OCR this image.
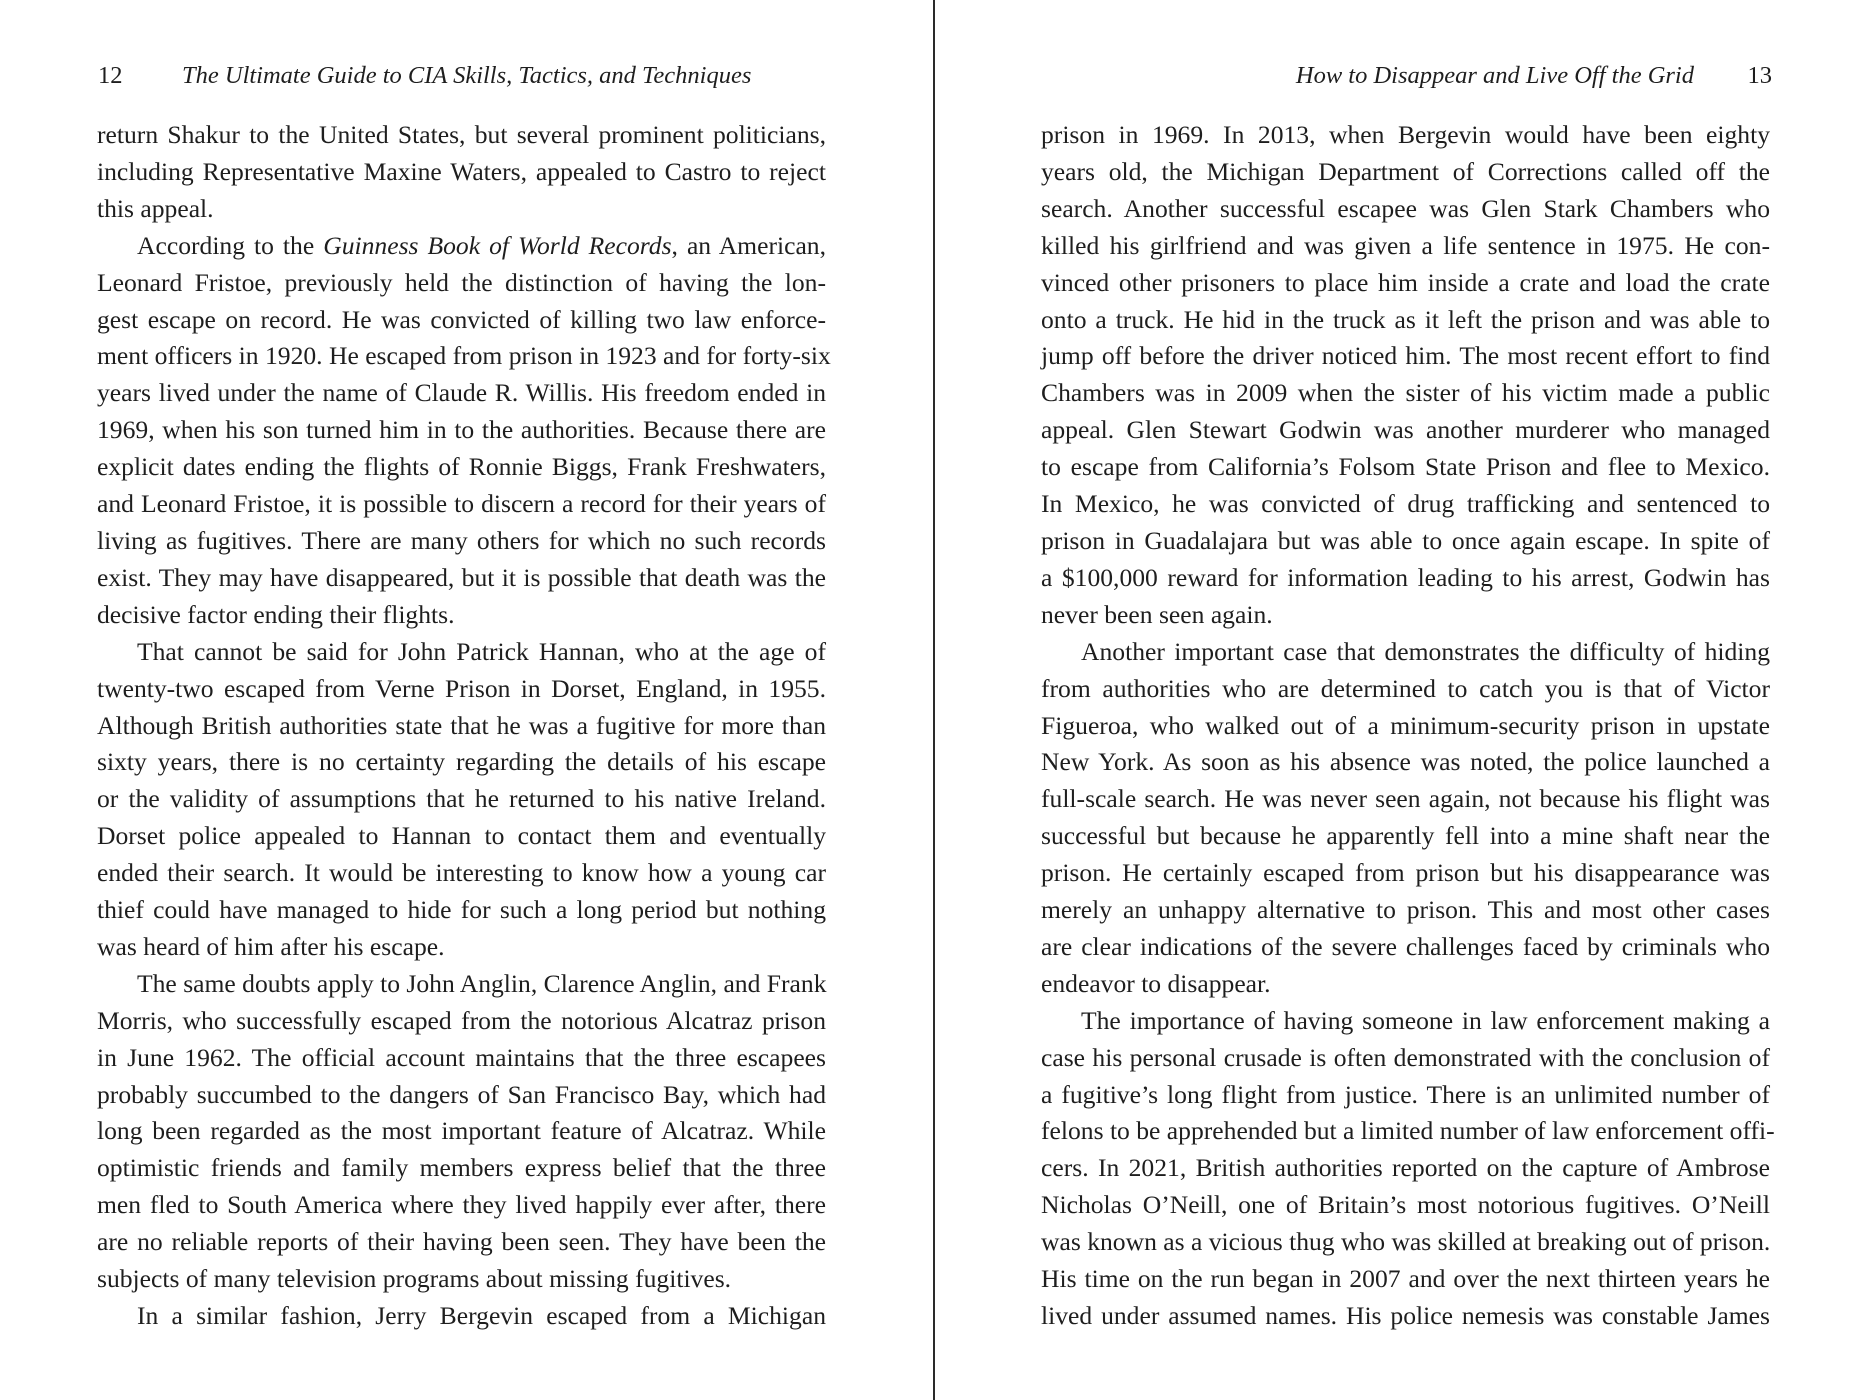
12 The Ultimate Guide to CIA Skills, Tactics, and Techniques

return Shakur to the United States, but several prominent politicians,
including Representative Maxine Waters, appealed to Castro to reject
this appeal.

According to the Guinness Book of World Records, an American,
Leonard Fristoe, previously held the distinction of having the lon-
gest escape on record. He was convicted of killing two law enforce-
ment officers in 1920. He escaped from prison in 1923 and for forty-six
years lived under the name of Claude R. Willis. His freedom ended in
1969, when his son turned him in to the authorities. Because there are
explicit dates ending the flights of Ronnie Biggs, Frank Freshwaters,
and Leonard Fristoe, it is possible to discern a record for their years of
living as fugitives. There are many others for which no such records
exist. They may have disappeared, but it is possible that death was the
decisive factor ending their flights.

That cannot be said for John Patrick Hannan, who at the age of
twenty-two escaped from Verne Prison in Dorset, England, in 1955.
Although British authorities state that he was a fugitive for more than
sixty years, there is no certainty regarding the details of his escape
or the validity of assumptions that he returned to his native Ireland.
Dorset police appealed to Hannan to contact them and eventually
ended their search. It would be interesting to know how a young car
thief could have managed to hide for such a long period but nothing
was heard of him after his escape.

The same doubts apply to John Anglin, Clarence Anglin, and Frank
Morris, who successfully escaped from the notorious Alcatraz prison
in June 1962. The official account maintains that the three escapees
probably succumbed to the dangers of San Francisco Bay, which had
long been regarded as the most important feature of Alcatraz. While
optimistic friends and family members express belief that the three
men fled to South America where they lived happily ever after, there
are no reliable reports of their having been seen. They have been the
subjects of many television programs about missing fugitives.

In a similar fashion, Jerry Bergevin escaped from a Michigan

How to Disappear and Live Off the Grid 13

prison in 1969. In 2013, when Bergevin would have been eighty
years old, the Michigan Department of Corrections called off the
search. Another successful escapee was Glen Stark Chambers who
killed his girlfriend and was given a life sentence in 1975. He con-
vinced other prisoners to place him inside a crate and load the crate
onto a truck. He hid in the truck as it left the prison and was able to
jump off before the driver noticed him. The most recent effort to find
Chambers was in 2009 when the sister of his victim made a public
appeal. Glen Stewart Godwin was another murderer who managed
to escape from California’s Folsom State Prison and flee to Mexico.
In Mexico, he was convicted of drug trafficking and sentenced to
prison in Guadalajara but was able to once again escape. In spite of
a $100,000 reward for information leading to his arrest, Godwin has
never been seen again.

Another important case that demonstrates the difficulty of hiding
from authorities who are determined to catch you is that of Victor
Figueroa, who walked out of a minimum-security prison in upstate
New York. As soon as his absence was noted, the police launched a
full-scale search. He was never seen again, not because his flight was
successful but because he apparently fell into a mine shaft near the
prison. He certainly escaped from prison but his disappearance was
merely an unhappy alternative to prison. This and most other cases
are clear indications of the severe challenges faced by criminals who
endeavor to disappear.

The importance of having someone in law enforcement making a
case his personal crusade is often demonstrated with the conclusion of
a fugitive’s long flight from justice. There is an unlimited number of
felons to be apprehended but a limited number of law enforcement offi-
cers. In 2021, British authorities reported on the capture of Ambrose
Nicholas O’Neill, one of Britain’s most notorious fugitives. O’Neill
was known as a vicious thug who was skilled at breaking out of prison.
His time on the run began in 2007 and over the next thirteen years he
lived under assumed names. His police nemesis was constable James
